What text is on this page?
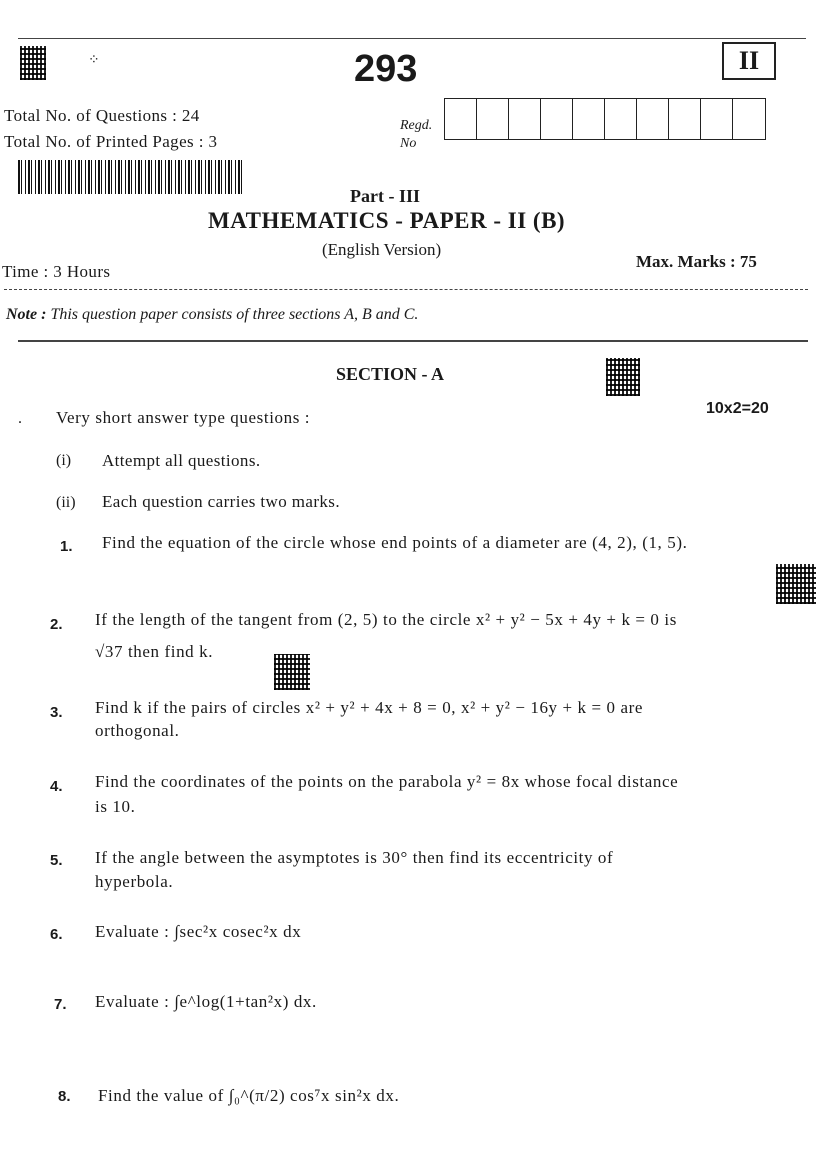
⁘	293	II
Total No. of Questions : 24
Total No. of Printed Pages : 3
Regd.
No
Part - III
MATHEMATICS - PAPER - II (B)
(English Version)
Time : 3 Hours
Max. Marks : 75
Note : This question paper consists of three sections A, B and C.
SECTION - A
10x2=20
. Very short answer type questions :
(i) Attempt all questions.
(ii) Each question carries two marks.
1. Find the equation of the circle whose end points of a diameter are (4, 2), (1, 5).
2. If the length of the tangent from (2, 5) to the circle x² + y² − 5x + 4y + k = 0 is
√37 then find k.
3. Find k if the pairs of circles x² + y² + 4x + 8 = 0, x² + y² − 16y + k = 0 are
orthogonal.
4. Find the coordinates of the points on the parabola y² = 8x whose focal distance
is 10.
5. If the angle between the asymptotes is 30° then find its eccentricity of
hyperbola.
6. Evaluate : ∫sec²x cosec²x dx
7. Evaluate : ∫e^log(1+tan²x) dx.
8. Find the value of ∫₀^(π/2) cos⁷x sin²x dx.
